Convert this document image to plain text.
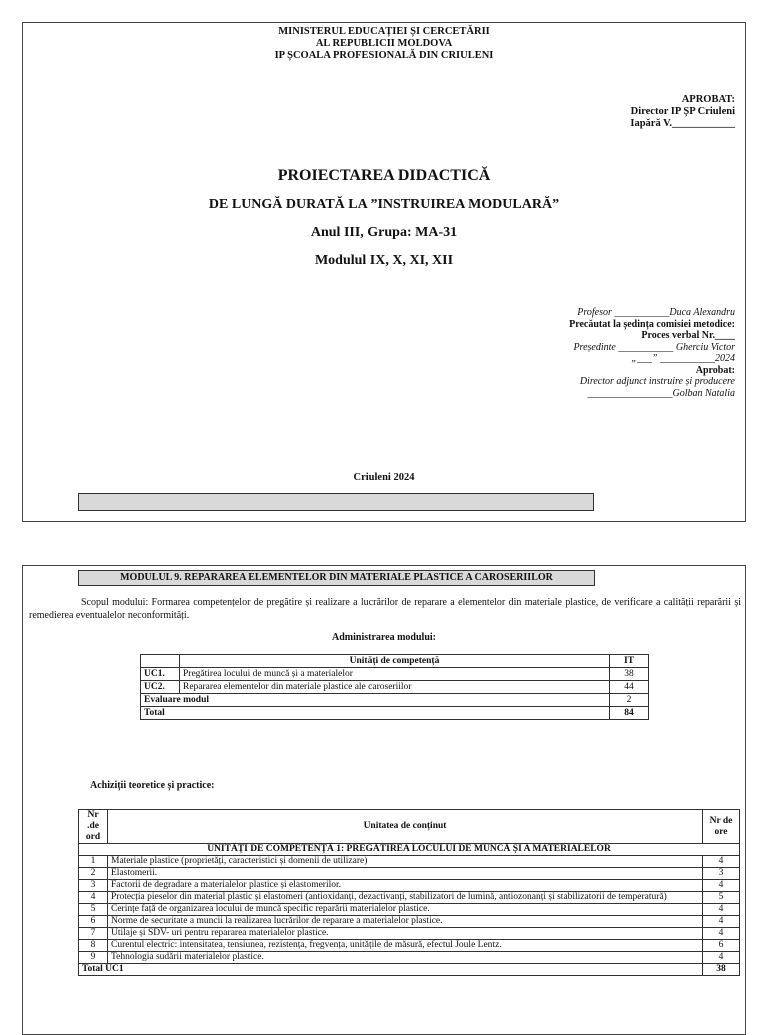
MINISTERUL EDUCAȚIEI ȘI CERCETĂRII
AL REPUBLICII MOLDOVA
IP ȘCOALA PROFESIONALĂ DIN CRIULENI
APROBAT:
Director IP ȘP Criuleni
Iapără V.____________
PROIECTAREA DIDACTICĂ
DE LUNGĂ DURATĂ LA ”INSTRUIREA MODULARĂ”
Anul III, Grupa: MA-31
Modulul IX, X, XI, XII
Profesor ___________Duca Alexandru
Precăutat la ședința comisiei metodice:
Proces verbal Nr.____
Președinte ___________ Gherciu Victor
„___” ___________2024
Aprobat:
Director adjunct instruire și producere
_________________Golban Natalia
Criuleni 2024
MODULUL 9. REPARAREA ELEMENTELOR DIN MATERIALE PLASTICE A CAROSERIILOR
Scopul modului: Formarea competențelor de pregătire și realizare a lucrărilor de reparare a elementelor din materiale plastice, de verificare a calității reparării și remedierea eventualelor neconformități.
Administrarea modului:
	Unități de competență	IT
UC1.	Pregătirea locului de muncă și a materialelor	38
UC2.	Repararea elementelor din materiale plastice ale caroseriilor	44
Evaluare modul		2
Total		84
Achiziții teoretice și practice:
Nr .de ord	Unitatea de conținut	Nr de ore
UNITĂȚI DE COMPETENȚĂ 1: PREGĂTIREA LOCULUI DE MUNCĂ ȘI A MATERIALELOR		
1	Materiale plastice (proprietăți, caracteristici și domenii de utilizare)	4
2	Elastomerii.	3
3	Factorii de degradare a materialelor plastice și elastomerilor.	4
4	Protecția pieselor din material plastic și elastomeri (antioxidanți, dezactivanți, stabilizatori de lumină, antiozonanți și stabilizatorii de temperatură)	5
5	Cerințe față de organizarea locului de muncă specific reparării materialelor plastice.	4
6	Norme de securitate a muncii la realizarea lucrărilor de reparare a materialelor plastice.	4
7	Utilaje și SDV- uri pentru repararea materialelor plastice.	4
8	Curentul electric: intensitatea, tensiunea, rezistența, fregvența, unitățile de măsură, efectul Joule Lentz.	6
9	Tehnologia sudării materialelor plastice.	4
Total UC1		38
